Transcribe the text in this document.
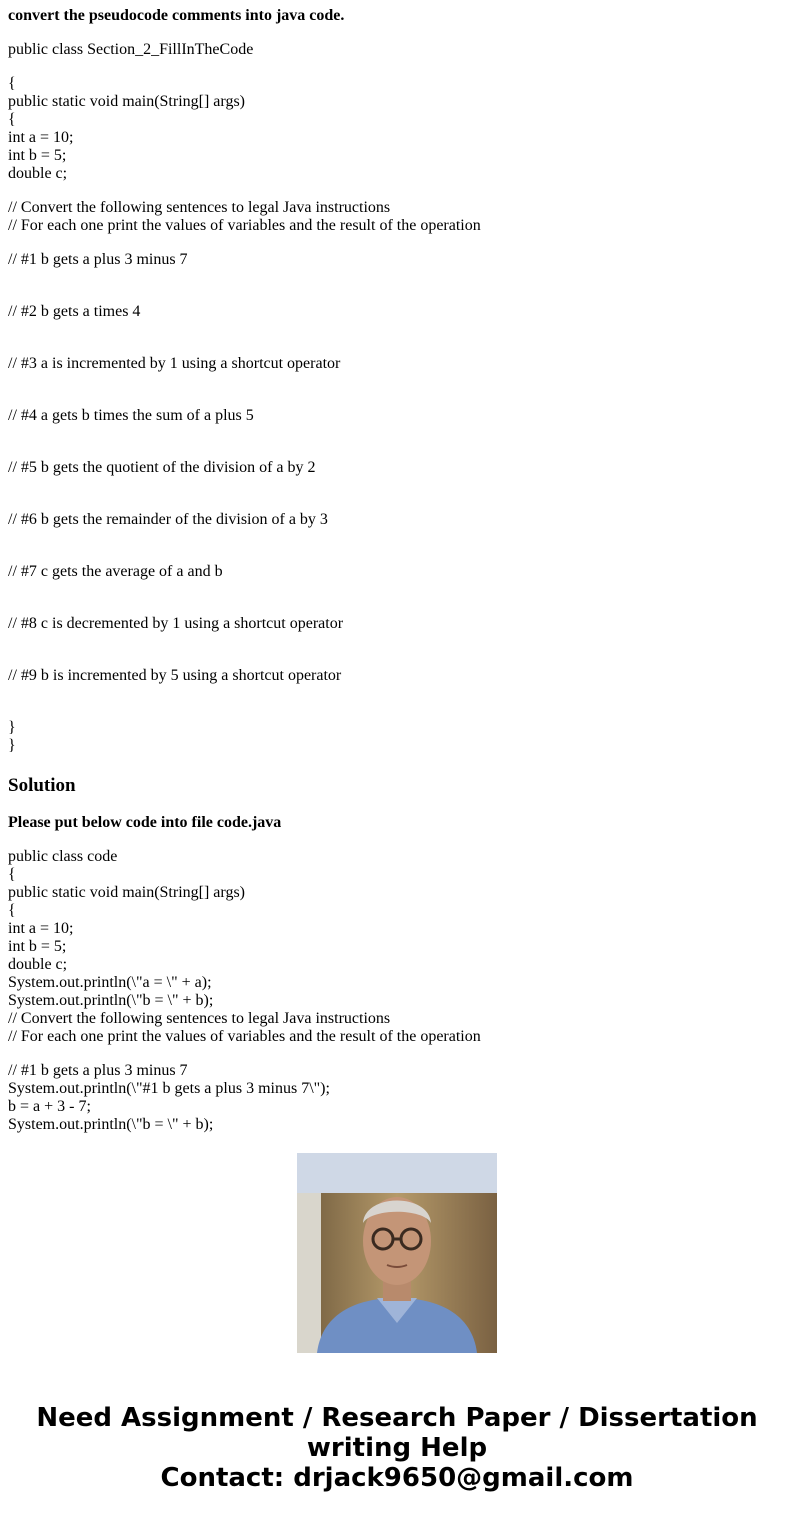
convert the pseudocode comments into java code.
public class Section_2_FillInTheCode
{
public static void main(String[] args)
{
int a = 10;
int b = 5;
double c;
// Convert the following sentences to legal Java instructions
// For each one print the values of variables and the result of the operation
// #1 b gets a plus 3 minus 7
// #2 b gets a times 4
// #3 a is incremented by 1 using a shortcut operator
// #4 a gets b times the sum of a plus 5
// #5 b gets the quotient of the division of a by 2
// #6 b gets the remainder of the division of a by 3
// #7 c gets the average of a and b
// #8 c is decremented by 1 using a shortcut operator
// #9 b is incremented by 5 using a shortcut operator
}
}
Solution
Please put below code into file code.java
public class code
{
public static void main(String[] args)
{
int a = 10;
int b = 5;
double c;
System.out.println(\"a = \" + a);
System.out.println(\"b = \" + b);
// Convert the following sentences to legal Java instructions
// For each one print the values of variables and the result of the operation
// #1 b gets a plus 3 minus 7
System.out.println(\"#1 b gets a plus 3 minus 7\");
b = a + 3 - 7;
System.out.println(\"b = \" + b);
Need Assignment / Research Paper / Dissertation
writing Help
Contact: drjack9650@gmail.com
